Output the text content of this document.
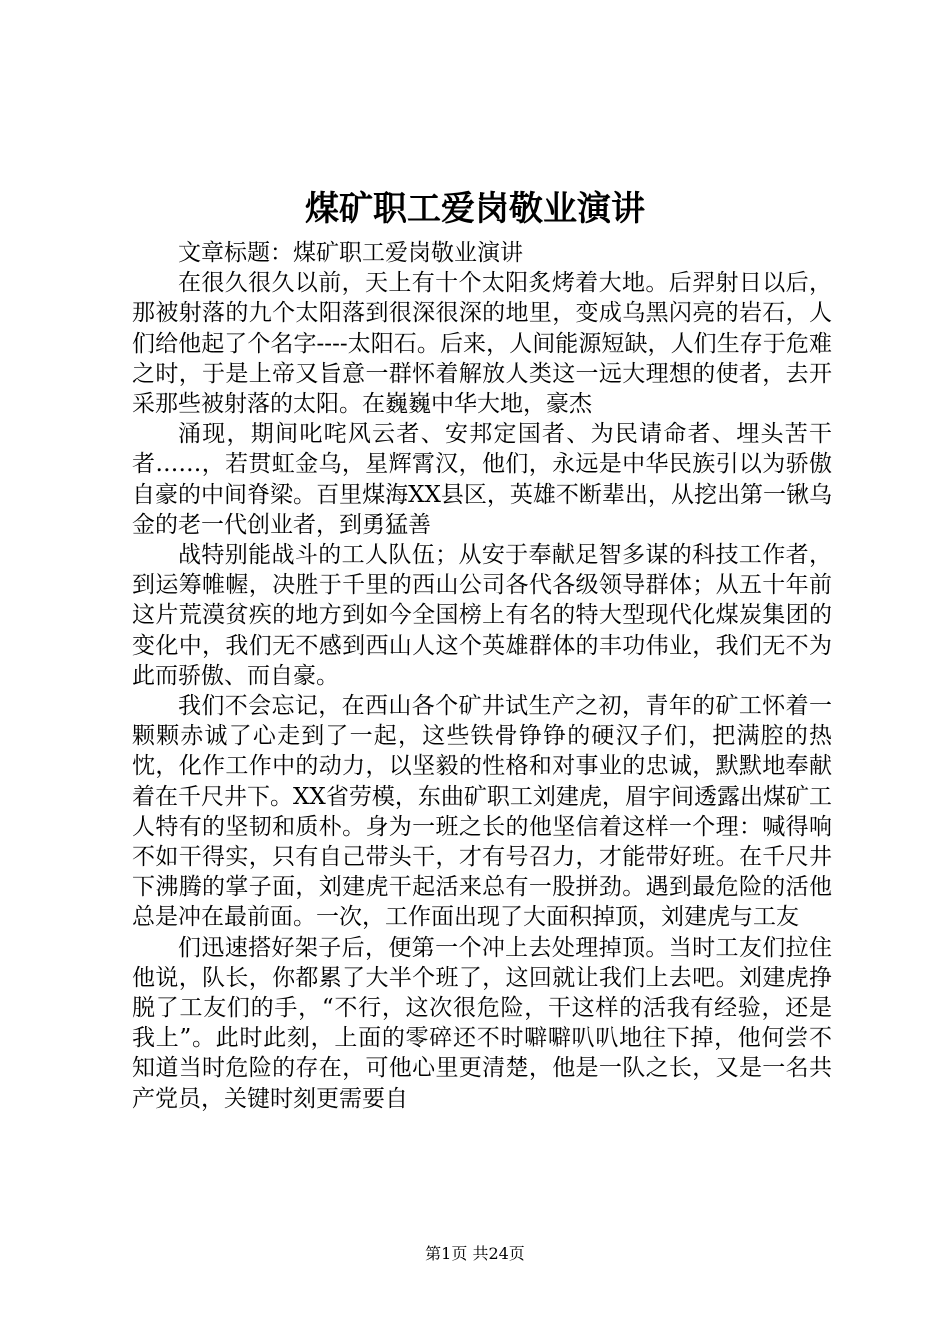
煤矿职工爱岗敬业演讲

文章标题：煤矿职工爱岗敬业演讲

在很久很久以前，天上有十个太阳炙烤着大地。后羿射日以后，那被射落的九个太阳落到很深很深的地里，变成乌黑闪亮的岩石，人们给他起了个名字----太阳石。后来，人间能源短缺，人们生存于危难之时，于是上帝又旨意一群怀着解放人类这一远大理想的使者，去开采那些被射落的太阳。在巍巍中华大地，豪杰

涌现，期间叱咤风云者、安邦定国者、为民请命者、埋头苦干者……，若贯虹金乌，星辉霄汉，他们，永远是中华民族引以为骄傲自豪的中间脊梁。百里煤海XX县区，英雄不断辈出，从挖出第一锹乌金的老一代创业者，到勇猛善

战特别能战斗的工人队伍；从安于奉献足智多谋的科技工作者，到运筹帷幄，决胜于千里的西山公司各代各级领导群体；从五十年前这片荒漠贫疾的地方到如今全国榜上有名的特大型现代化煤炭集团的变化中，我们无不感到西山人这个英雄群体的丰功伟业，我们无不为此而骄傲、而自豪。

我们不会忘记，在西山各个矿井试生产之初，青年的矿工怀着一颗颗赤诚了心走到了一起，这些铁骨铮铮的硬汉子们，把满腔的热忱，化作工作中的动力，以坚毅的性格和对事业的忠诚，默默地奉献着在千尺井下。XX省劳模，东曲矿职工刘建虎，眉宇间透露出煤矿工人特有的坚韧和质朴。身为一班之长的他坚信着这样一个理：喊得响不如干得实，只有自己带头干，才有号召力，才能带好班。在千尺井下沸腾的掌子面，刘建虎干起活来总有一股拼劲。遇到最危险的活他总是冲在最前面。一次，工作面出现了大面积掉顶，刘建虎与工友

们迅速搭好架子后，便第一个冲上去处理掉顶。当时工友们拉住他说，队长，你都累了大半个班了，这回就让我们上去吧。刘建虎挣脱了工友们的手，“不行，这次很危险，干这样的活我有经验，还是我上”。此时此刻，上面的零碎还不时噼噼叭叭地往下掉，他何尝不知道当时危险的存在，可他心里更清楚，他是一队之长，又是一名共产党员，关键时刻更需要自

第1页 共24页
